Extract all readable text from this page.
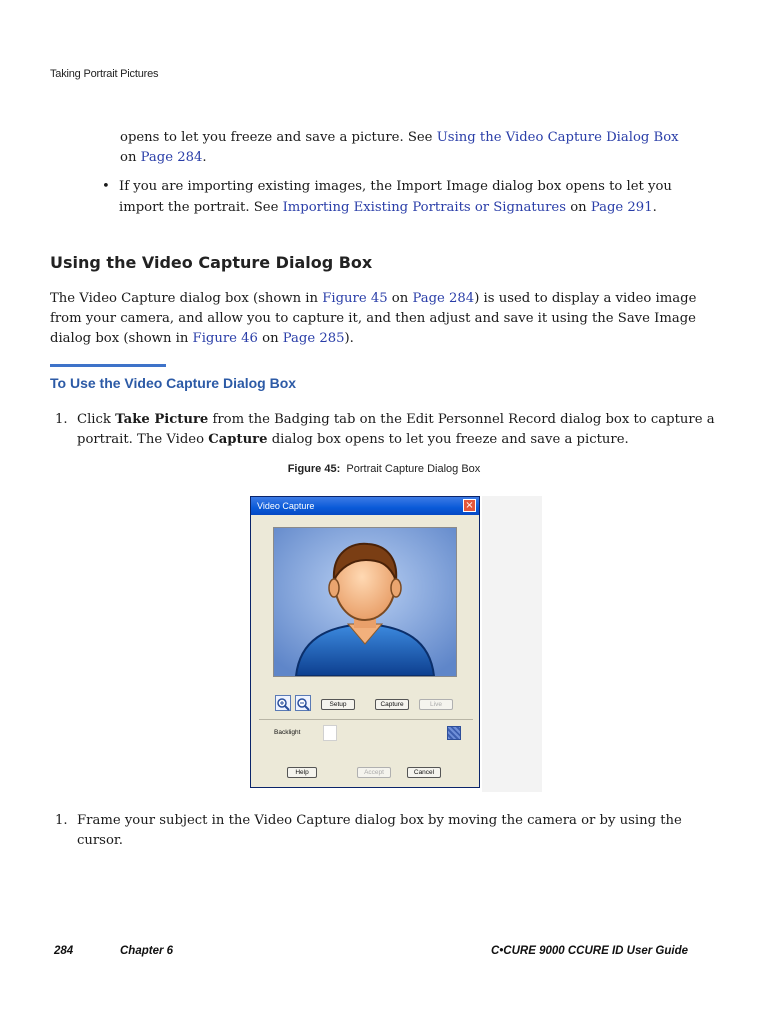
Taking Portrait Pictures
opens to let you freeze and save a picture. See Using the Video Capture Dialog Box
on Page 284.
• If you are importing existing images, the Import Image dialog box opens to let you
import the portrait. See Importing Existing Portraits or Signatures on Page 291.
Using the Video Capture Dialog Box
The Video Capture dialog box (shown in Figure 45 on Page 284) is used to display a video image
from your camera, and allow you to capture it, and then adjust and save it using the Save Image
dialog box (shown in Figure 46 on Page 285).
To Use the Video Capture Dialog Box
1. Click Take Picture from the Badging tab on the Edit Personnel Record dialog box to capture a
portrait. The Video Capture dialog box opens to let you freeze and save a picture.
Figure 45: Portrait Capture Dialog Box
Video Capture	×
Setup	Capture	Live
Backlight
Help	Accept	Cancel
1. Frame your subject in the Video Capture dialog box by moving the camera or by using the
cursor.
284	Chapter 6	C•CURE 9000 CCURE ID User Guide
